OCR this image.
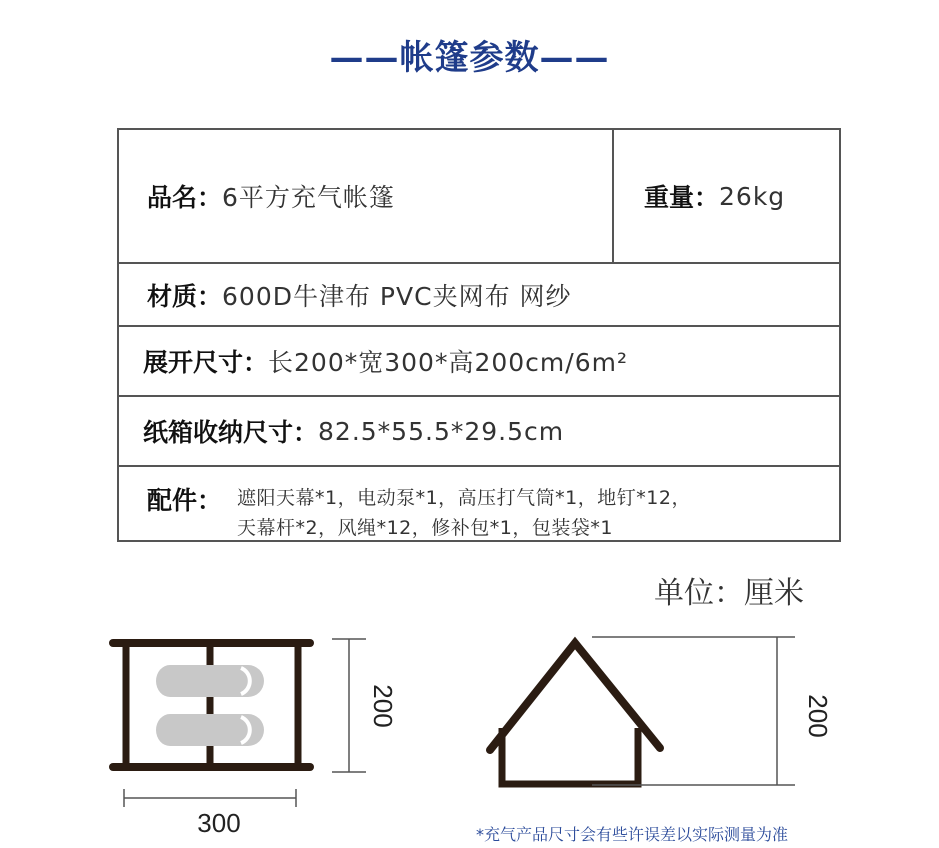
——帐篷参数——
品名： 6平方充气帐篷	重量： 26kg
材质： 600D牛津布 PVC夹网布 网纱
展开尺寸： 长200*宽300*高200cm/6m²
纸箱收纳尺寸： 82.5*55.5*29.5cm
配件： 遮阳天幕*1，电动泵*1，高压打气筒*1，地钉*12，
天幕杆*2，风绳*12，修补包*1，包装袋*1
单位：厘米
200
300
200
*充气产品尺寸会有些许误差以实际测量为准
